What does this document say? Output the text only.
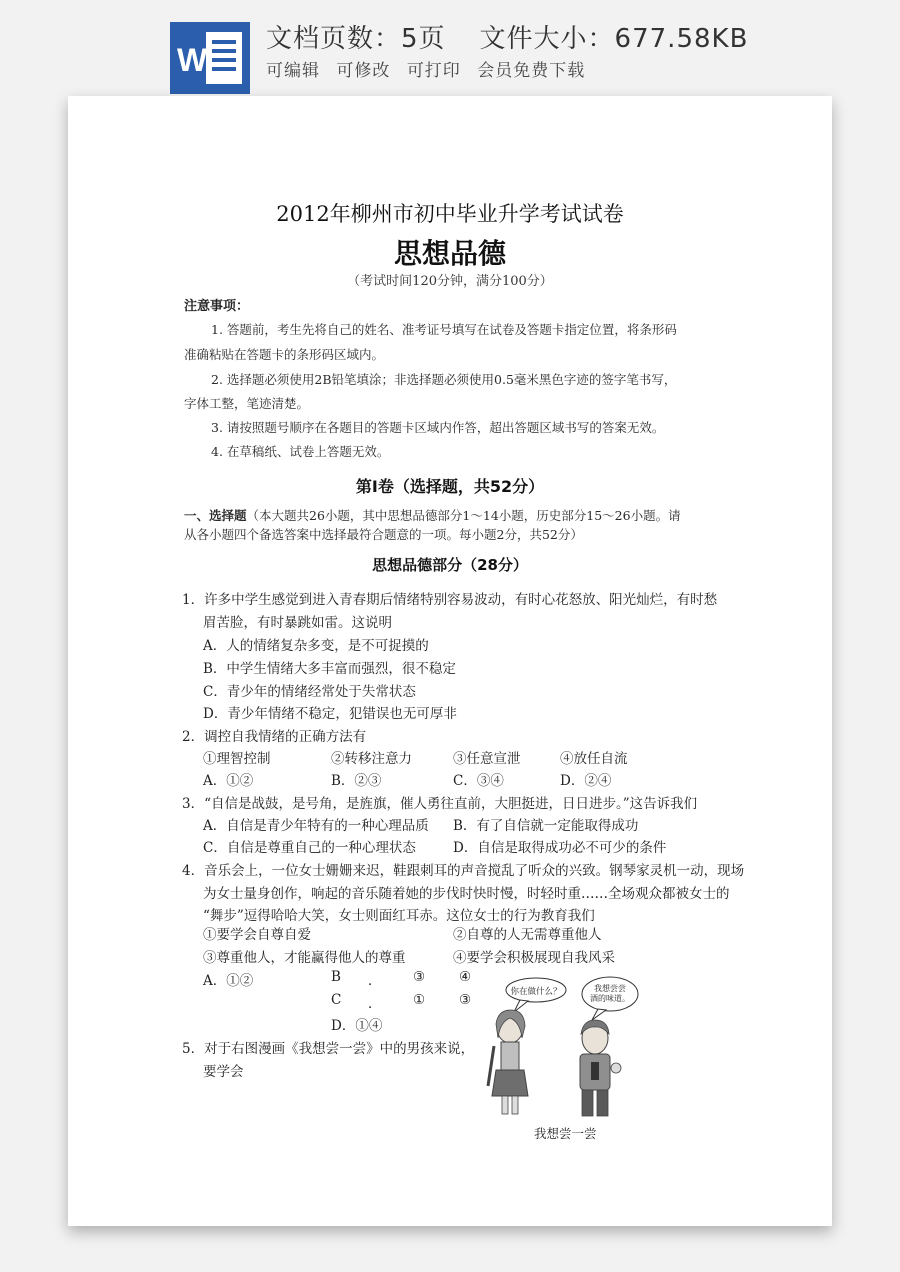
W
文档页数：5页 文件大小：677.58KB
可编辑 可修改 可打印 会员免费下载
2012年柳州市初中毕业升学考试试卷
思想品德
（考试时间120分钟，满分100分）
注意事项：
1. 答题前，考生先将自己的姓名、准考证号填写在试卷及答题卡指定位置，将条形码
准确粘贴在答题卡的条形码区域内。
2. 选择题必须使用2B铅笔填涂；非选择题必须使用0.5毫米黑色字迹的签字笔书写，
字体工整，笔迹清楚。
3. 请按照题号顺序在各题目的答题卡区域内作答，超出答题区域书写的答案无效。
4. 在草稿纸、试卷上答题无效。
第Ⅰ卷（选择题，共52分）
一、选择题（本大题共26小题，其中思想品德部分1～14小题，历史部分15～26小题。请
从各小题四个备选答案中选择最符合题意的一项。每小题2分，共52分）
思想品德部分（28分）
1．许多中学生感觉到进入青春期后情绪特别容易波动，有时心花怒放、阳光灿烂，有时愁
眉苦脸，有时暴跳如雷。这说明
A．人的情绪复杂多变，是不可捉摸的
B．中学生情绪大多丰富而强烈，很不稳定
C．青少年的情绪经常处于失常状态
D．青少年情绪不稳定，犯错误也无可厚非
2．调控自我情绪的正确方法有
①理智控制	②转移注意力	③任意宣泄	④放任自流
A．①②	B．②③	C．③④	D．②④
3．“自信是战鼓，是号角，是旌旗，催人勇往直前，大胆挺进，日日进步。”这告诉我们
A．自信是青少年特有的一种心理品质 B．有了自信就一定能取得成功
C．自信是尊重自己的一种心理状态	D．自信是取得成功必不可少的条件
4．音乐会上，一位女士姗姗来迟，鞋跟刺耳的声音搅乱了听众的兴致。钢琴家灵机一动，现场
为女士量身创作，响起的音乐随着她的步伐时快时慢，时轻时重……全场观众都被女士的
“舞步”逗得哈哈大笑，女士则面红耳赤。这位女士的行为教育我们
①要学会自尊自爱	②自尊的人无需尊重他人
③尊重他人，才能赢得他人的尊重	④要学会积极展现自我风采
A．①②	B ． ③	④
C ． ①	③
D．①④
5．对于右图漫画《我想尝一尝》中的男孩来说，
要学会
你在做什么？	我想尝尝
酒的味道。
我想尝一尝
